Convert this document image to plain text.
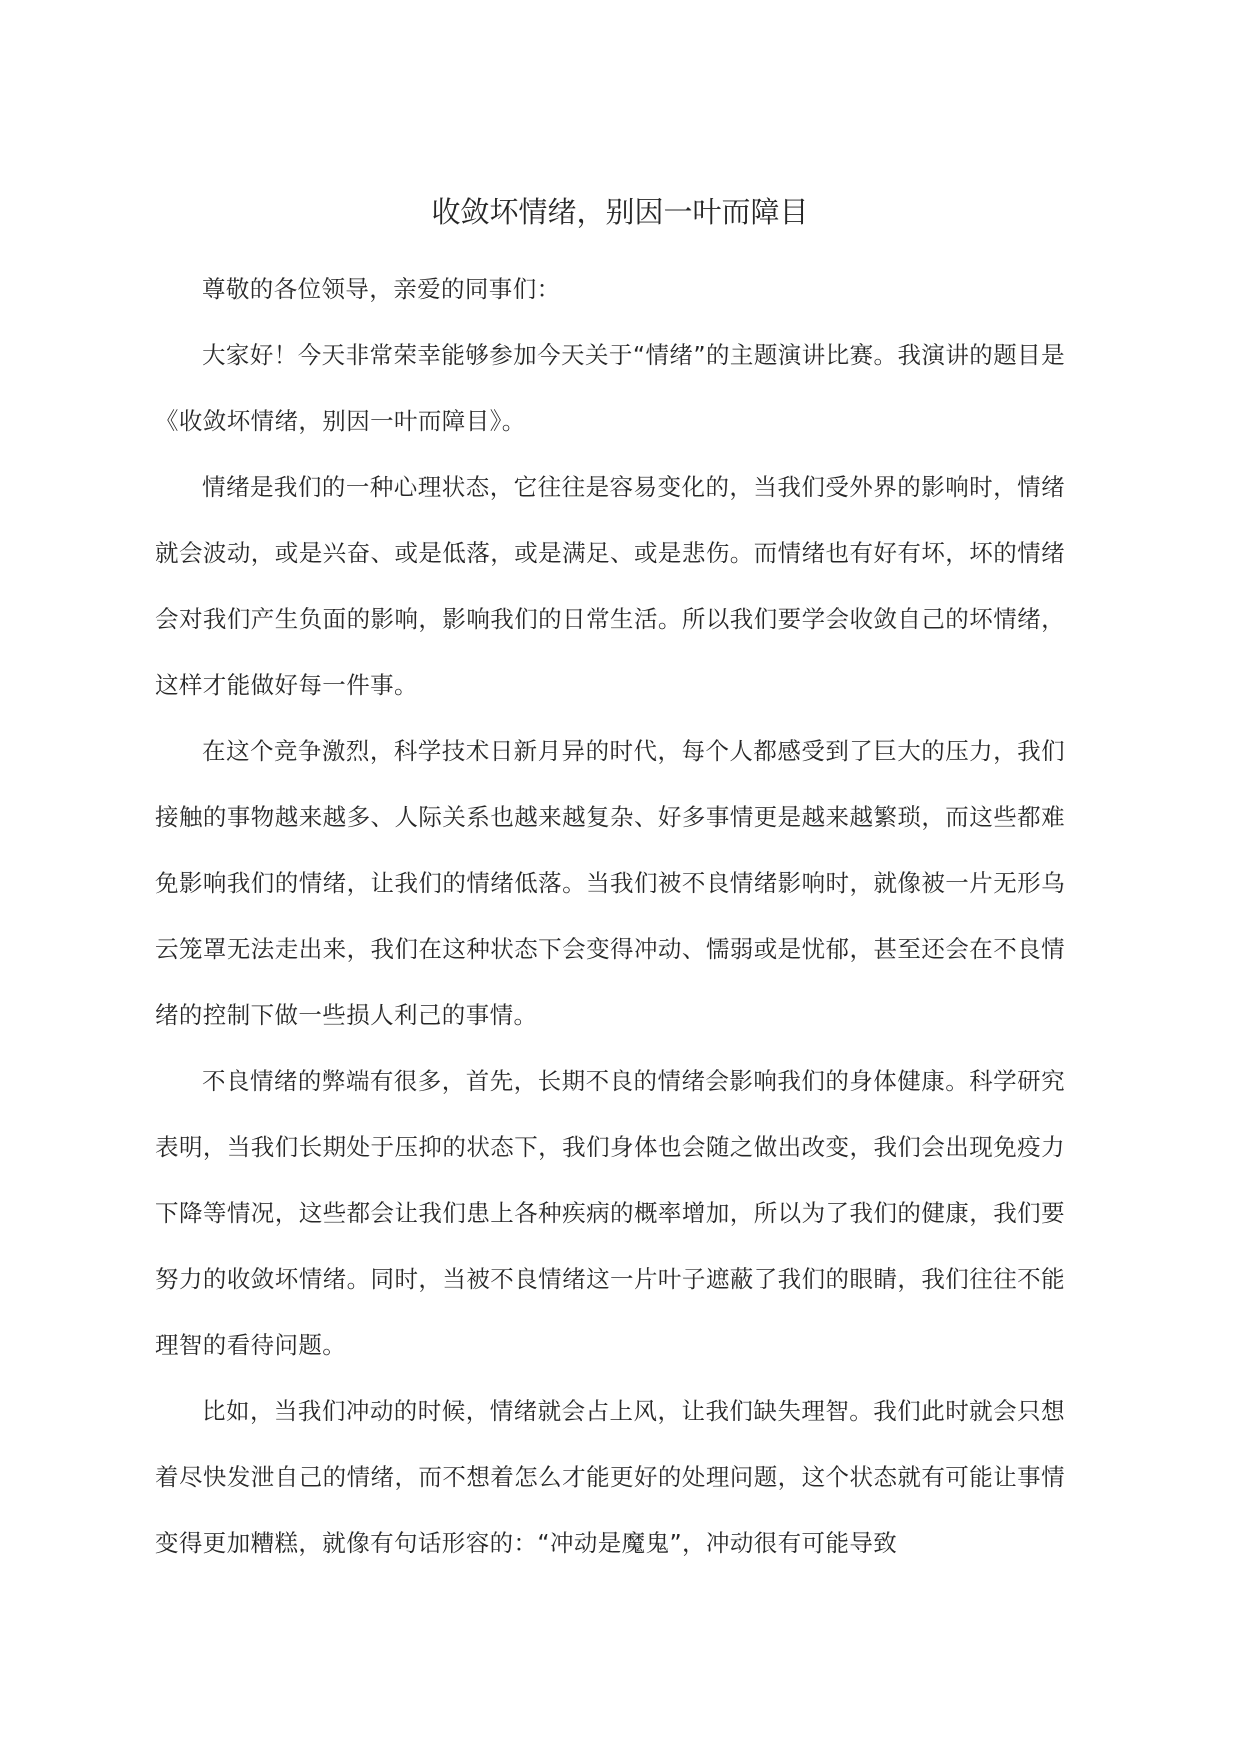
收敛坏情绪，别因一叶而障目

尊敬的各位领导，亲爱的同事们：

大家好！今天非常荣幸能够参加今天关于“情绪”的主题演讲比赛。我演讲的题目是《收敛坏情绪，别因一叶而障目》。

情绪是我们的一种心理状态，它往往是容易变化的，当我们受外界的影响时，情绪就会波动，或是兴奋、或是低落，或是满足、或是悲伤。而情绪也有好有坏，坏的情绪会对我们产生负面的影响，影响我们的日常生活。所以我们要学会收敛自己的坏情绪，这样才能做好每一件事。

在这个竞争激烈，科学技术日新月异的时代，每个人都感受到了巨大的压力，我们接触的事物越来越多、人际关系也越来越复杂、好多事情更是越来越繁琐，而这些都难免影响我们的情绪，让我们的情绪低落。当我们被不良情绪影响时，就像被一片无形乌云笼罩无法走出来，我们在这种状态下会变得冲动、懦弱或是忧郁，甚至还会在不良情绪的控制下做一些损人利己的事情。

不良情绪的弊端有很多，首先，长期不良的情绪会影响我们的身体健康。科学研究表明，当我们长期处于压抑的状态下，我们身体也会随之做出改变，我们会出现免疫力下降等情况，这些都会让我们患上各种疾病的概率增加，所以为了我们的健康，我们要努力的收敛坏情绪。同时，当被不良情绪这一片叶子遮蔽了我们的眼睛，我们往往不能理智的看待问题。

比如，当我们冲动的时候，情绪就会占上风，让我们缺失理智。我们此时就会只想着尽快发泄自己的情绪，而不想着怎么才能更好的处理问题，这个状态就有可能让事情变得更加糟糕，就像有句话形容的：“冲动是魔鬼”，冲动很有可能导致
